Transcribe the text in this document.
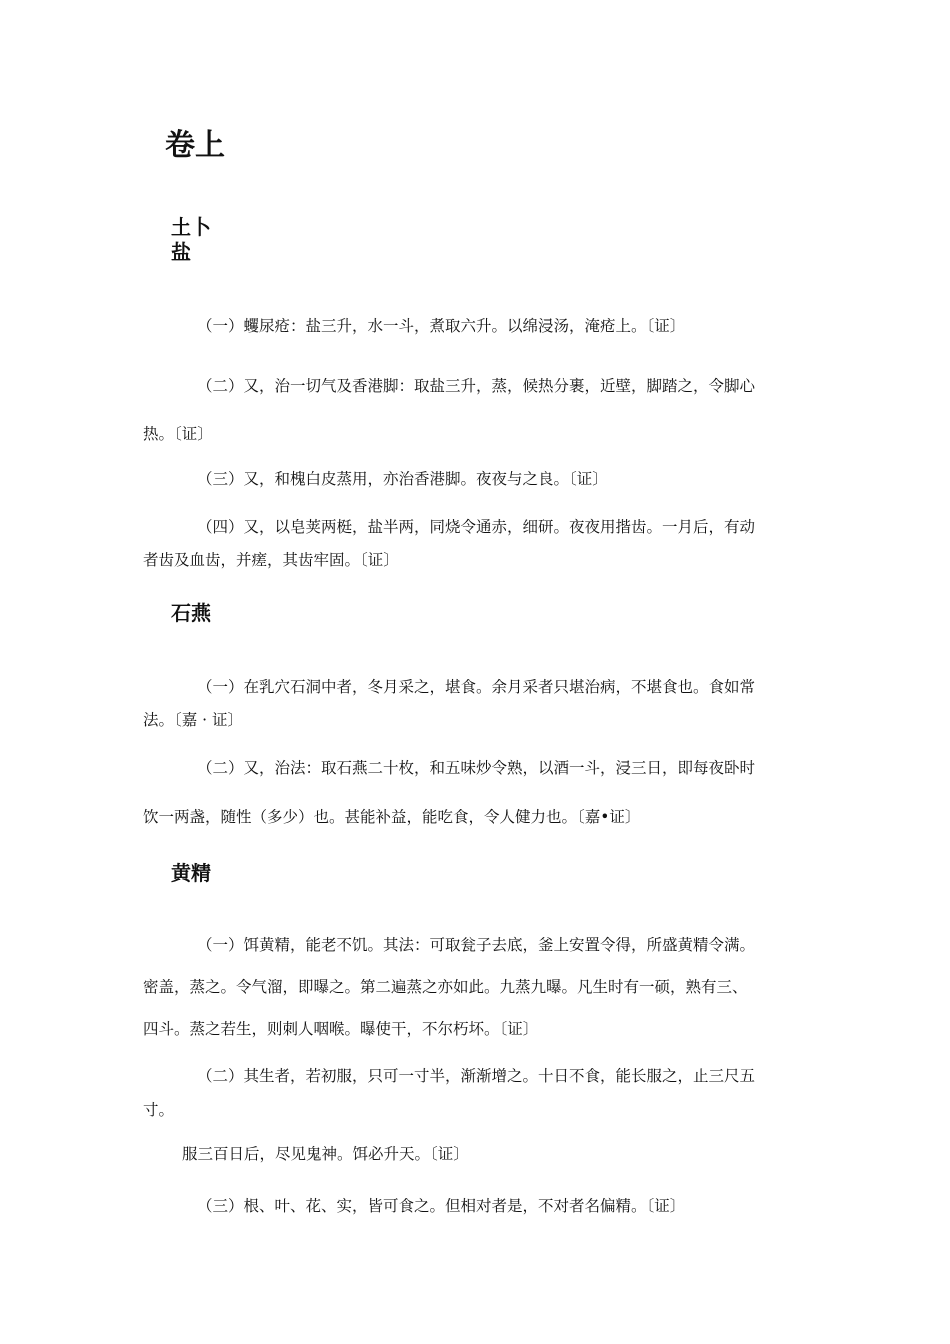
卷上
土卜
盐

（一）蠼尿疮：盐三升，水一斗，煮取六升。以绵浸汤，淹疮上。〔证〕

（二）又，治一切气及香港脚：取盐三升，蒸，候热分裹，近壁，脚踏之，令脚心

热。〔证〕

（三）又，和槐白皮蒸用，亦治香港脚。夜夜与之良。〔证〕

（四）又，以皂荚两梃，盐半两，同烧令通赤，细研。夜夜用揩齿。一月后，有动

者齿及血齿，并瘥，其齿牢固。〔证〕

石燕

（一）在乳穴石洞中者，冬月采之，堪食。余月采者只堪治病，不堪食也。食如常

法。〔嘉 · 证〕

（二）又，治法：取石燕二十枚，和五味炒令熟，以酒一斗，浸三日，即每夜卧时

饮一两盏，随性（多少）也。甚能补益，能吃食，令人健力也。〔嘉•证〕

黄精

（一）饵黄精，能老不饥。其法：可取瓮子去底，釜上安置令得，所盛黄精令满。

密盖，蒸之。令气溜，即曝之。第二遍蒸之亦如此。九蒸九曝。凡生时有一硕，熟有三、

四斗。蒸之若生，则刺人咽喉。曝使干，不尔朽坏。〔证〕

（二）其生者，若初服，只可一寸半，渐渐增之。十日不食，能长服之，止三尺五

寸。

服三百日后，尽见鬼神。饵必升天。〔证〕

（三）根、叶、花、实，皆可食之。但相对者是，不对者名偏精。〔证〕
